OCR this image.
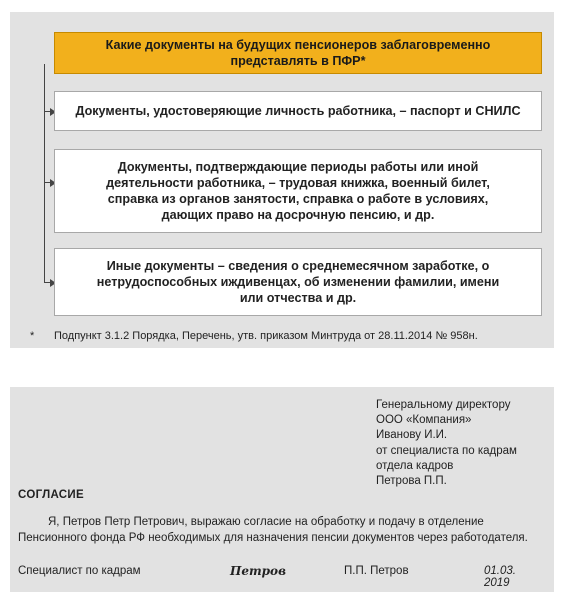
Какие документы на будущих пенсионеров заблаговременно представлять в ПФР*
Документы, удостоверяющие личность работника, – паспорт и СНИЛС
Документы, подтверждающие периоды работы или иной деятельности работника, – трудовая книжка, военный билет, справка из органов занятости, справка о работе в условиях, дающих право на досрочную пенсию, и др.
Иные документы – сведения о среднемесячном заработке, о нетрудоспособных иждивенцах, об изменении фамилии, имени или отчества и др.
* Подпункт 3.1.2 Порядка, Перечень, утв. приказом Минтруда от 28.11.2014 № 958н.
Генеральному директору
ООО «Компания»
Иванову И.И.
от специалиста по кадрам
отдела кадров
Петрова П.П.
СОГЛАСИЕ
Я, Петров Петр Петрович, выражаю согласие на обработку и подачу в отделение Пенсионного фонда РФ необходимых для назначения пенсии документов через работодателя.
Специалист по кадрам	Петров	П.П. Петров	01.03. 2019
